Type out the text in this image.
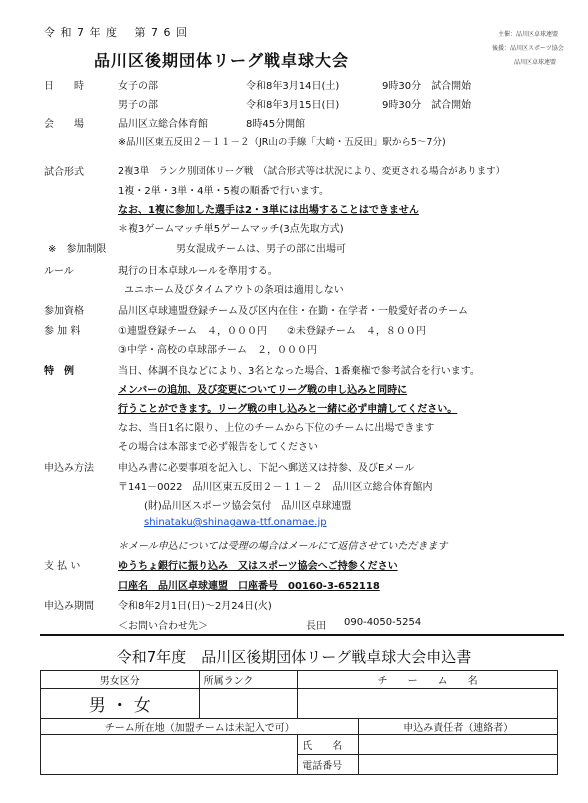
令 和 7 年 度　 第 7 6 回	主催：品川区卓球連盟
後援：品川区スポーツ協会
品川区卓球連盟
品川区後期団体リーグ戦卓球大会
日　　時	女子の部	令和8年3月14日(土)	9時30分　試合開始
男子の部	令和8年3月15日(日)	9時30分　試合開始
会　　場	品川区立総合体育館	8時45分開館
※品川区東五反田２－１１－２（JR山の手線「大崎・五反田」駅から5～7分)
試合形式	2複3単　ランク別団体リーグ戦　（試合形式等は状況により、変更される場合があります）
1複・2単・3単・4単・5複の順番で行います。
なお、1複に参加した選手は2・3単には出場することはできません
＊複3ゲームマッチ単5ゲームマッチ(3点先取方式)
※　参加制限	男女混成チームは、男子の部に出場可
ルール	現行の日本卓球ルールを準用する。
ユニホーム及びタイムアウトの条項は適用しない
参加資格	品川区卓球連盟登録チーム及び区内在住・在勤・在学者・一般愛好者のチーム
参 加 料	①連盟登録チーム　４，０００円　　②未登録チーム　４，８００円
③中学・高校の卓球部チーム　２，０００円
特　例	当日、体調不良などにより、3名となった場合、1番棄権で参考試合を行います。
メンバーの追加、及び変更についてリーグ戦の申し込みと同時に
行うことができます。リーグ戦の申し込みと一緒に必ず申請してください。
なお、当日1名に限り、上位のチームから下位のチームに出場できます
その場合は本部まで必ず報告をしてください
申込み方法 申込み書に必要事項を記入し、下記へ郵送又は持参、及びEメール
〒141－0022　品川区東五反田２－１１－２　品川区立総合体育館内
(財)品川区スポーツ協会気付　品川区卓球連盟
shinataku@shinagawa-ttf.onamae.jp
＊メール申込については受理の場合はメールにて返信させていただきます
支 払 い	ゆうちょ銀行に振り込み　又はスポーツ協会へご持参ください
口座名　品川区卓球連盟　口座番号　00160-3-652118
申込み期間 令和8年2月1日(日)～2月24日(火)
＜お問い合わせ先＞	長田 090-4050-5254
令和7年度　品川区後期団体リーグ戦卓球大会申込書
男女区分	所属ランク	チ　　ー　　ム　　名	
男 ・ 女			
チーム所在地（加盟チームは未記入で可）			申込み責任者（連絡者）
		氏　　名	
		電話番号	
